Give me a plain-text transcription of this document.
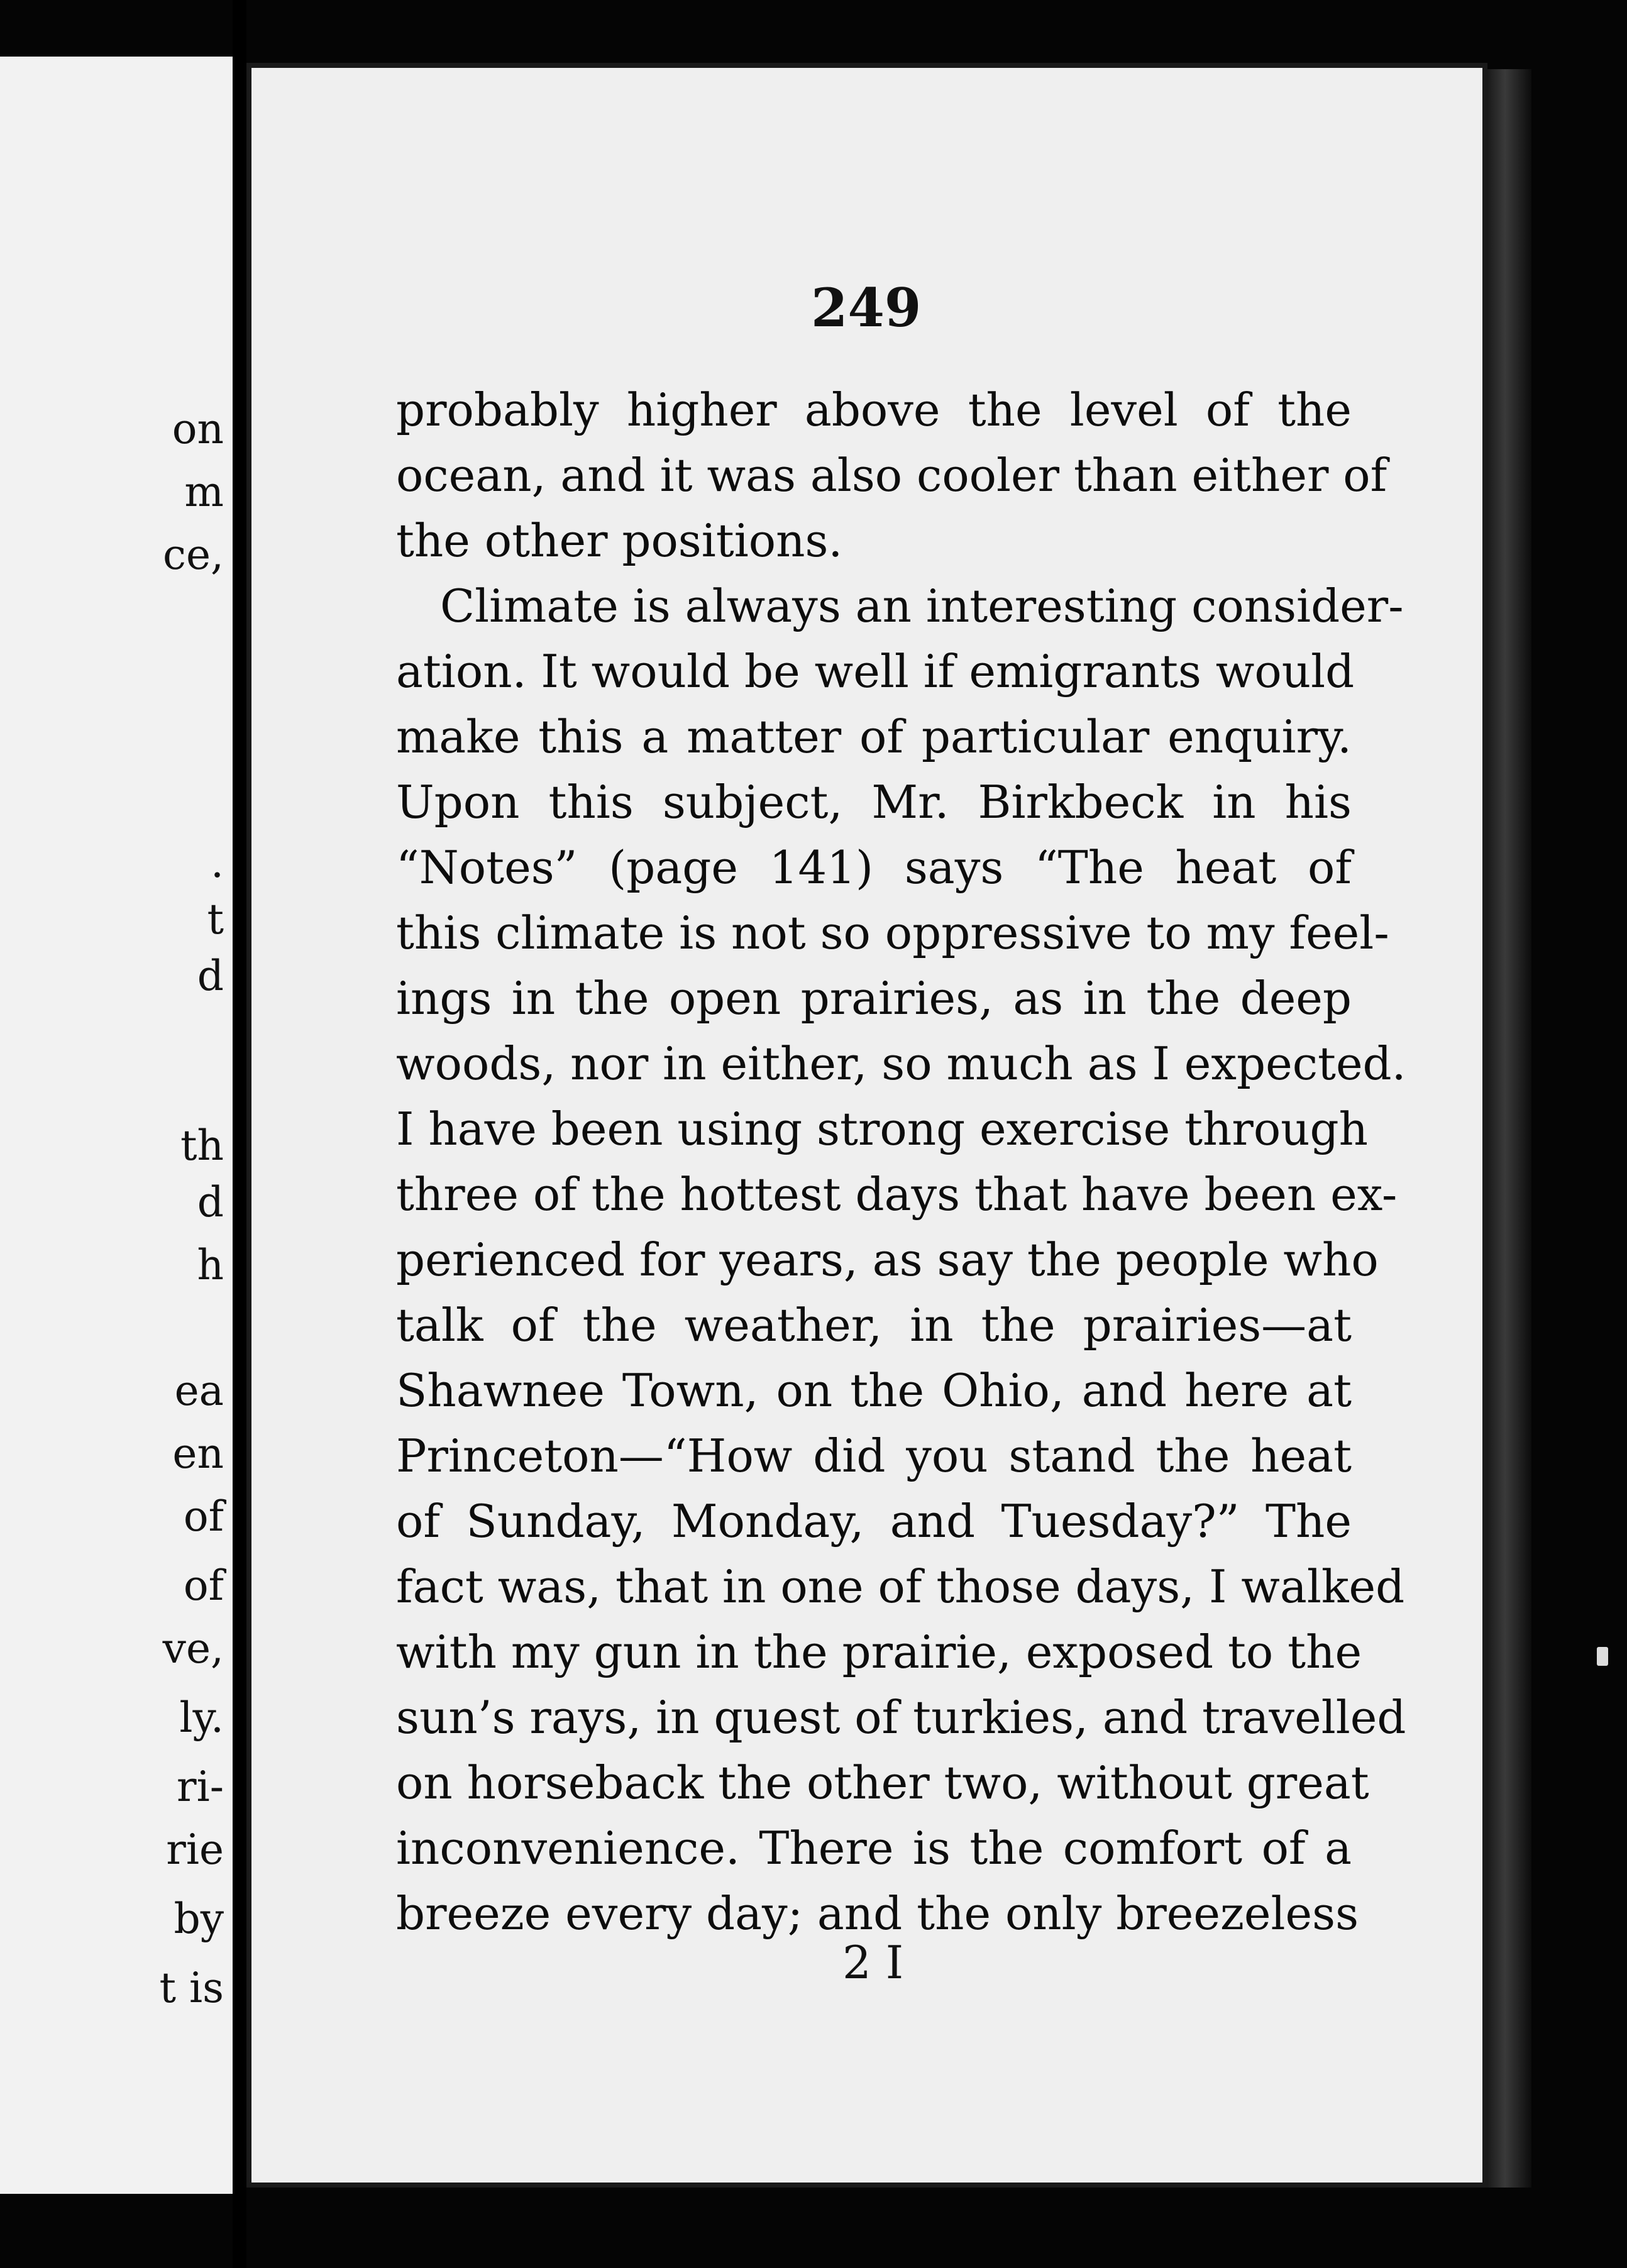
on
m
ce,
.
t
d
th
d
h
ea
en
of
of
ve,
ly.
ri-
rie
by
t is
249
probably higher above the level of the
ocean, and it was also cooler than either of
the other positions.
Climate is always an interesting consider-
ation. It would be well if emigrants would
make this a matter of particular enquiry.
Upon this subject, Mr. Birkbeck in his
“Notes” (page 141) says “The heat of
this climate is not so oppressive to my feel-
ings in the open prairies, as in the deep
woods, nor in either, so much as I expected.
I have been using strong exercise through
three of the hottest days that have been ex-
perienced for years, as say the people who
talk of the weather, in the prairies—at
Shawnee Town, on the Ohio, and here at
Princeton—“How did you stand the heat
of Sunday, Monday, and Tuesday?” The
fact was, that in one of those days, I walked
with my gun in the prairie, exposed to the
sun’s rays, in quest of turkies, and travelled
on horseback the other two, without great
inconvenience. There is the comfort of a
breeze every day; and the only breezeless
2 I
